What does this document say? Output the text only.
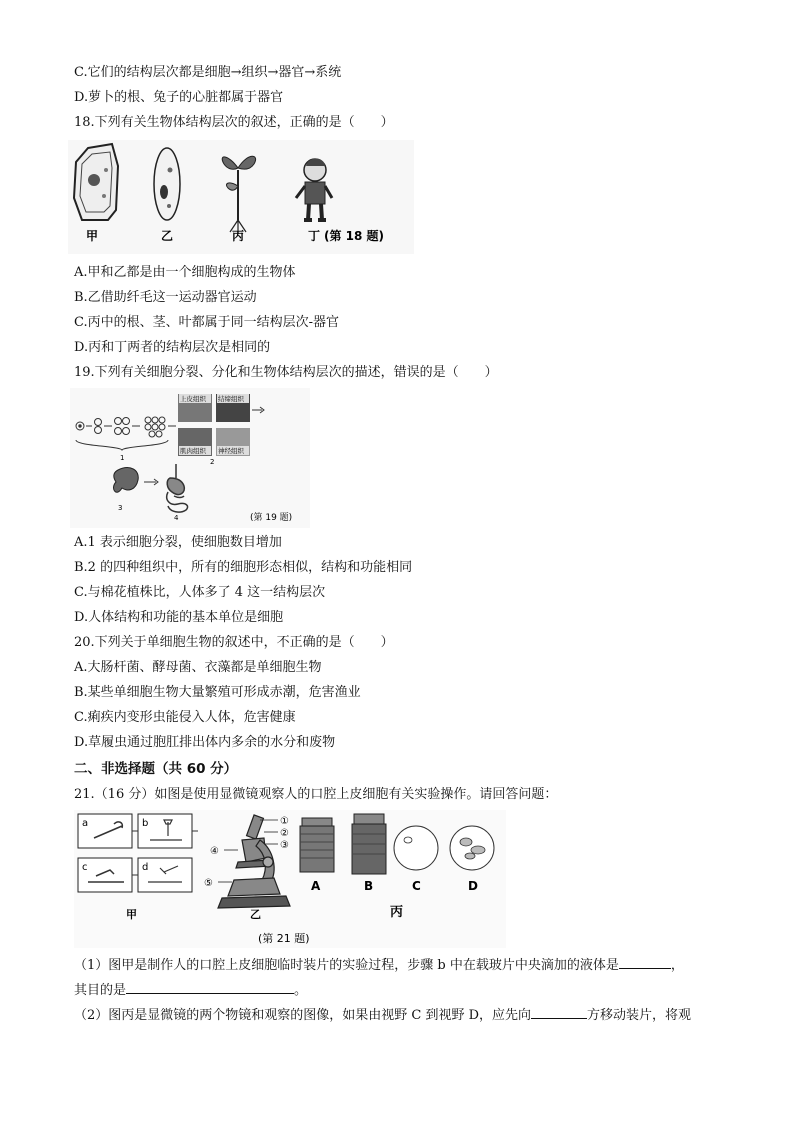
C.它们的结构层次都是细胞→组织→器官→系统
D.萝卜的根、兔子的心脏都属于器官
18.下列有关生物体结构层次的叙述，正确的是（　　）
甲	乙	丙	丁 (第 18 题)
A.甲和乙都是由一个细胞构成的生物体
B.乙借助纤毛这一运动器官运动
C.丙中的根、茎、叶都属于同一结构层次-器官
D.丙和丁两者的结构层次是相同的
19.下列有关细胞分裂、分化和生物体结构层次的描述，错误的是（　　）
1
上皮组织 结缔组织
肌肉组织 神经组织
2
3
4	(第 19 题)
A.1 表示细胞分裂，使细胞数目增加
B.2 的四种组织中，所有的细胞形态相似，结构和功能相同
C.与棉花植株比，人体多了 4 这一结构层次
D.人体结构和功能的基本单位是细胞
20.下列关于单细胞生物的叙述中，不正确的是（　　）
A.大肠杆菌、酵母菌、衣藻都是单细胞生物
B.某些单细胞生物大量繁殖可形成赤潮，危害渔业
C.痢疾内变形虫能侵入人体，危害健康
D.草履虫通过胞肛排出体内多余的水分和废物
二、非选择题（共 60 分）
21.（16 分）如图是使用显微镜观察人的口腔上皮细胞有关实验操作。请回答问题：
a	b
c	d
①
②
③
④
⑤	A	B	C	D
甲	乙	丙
(第 21 题)
（1）图甲是制作人的口腔上皮细胞临时装片的实验过程，步骤 b 中在载玻片中央滴加的液体是	，
其目的是	。
（2）图丙是显微镜的两个物镜和观察的图像，如果由视野 C 到视野 D，应先向	方移动装片，将观
